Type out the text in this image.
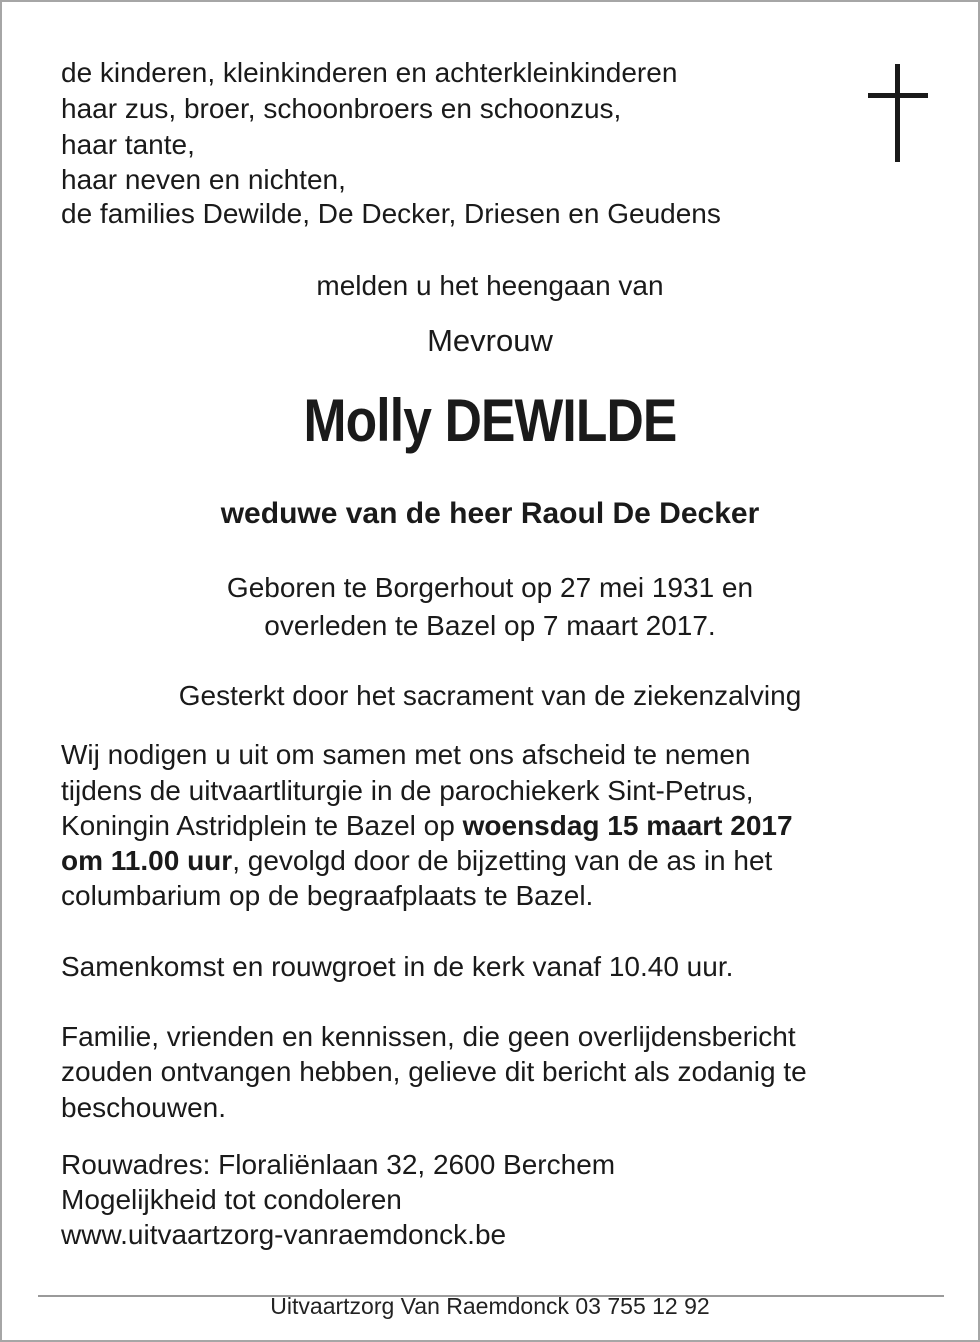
de kinderen, kleinkinderen en achterkleinkinderen
haar zus, broer, schoonbroers en schoonzus,
haar tante,
haar neven en nichten,
de families Dewilde, De Decker, Driesen en Geudens
melden u het heengaan van
Mevrouw
Molly DEWILDE
weduwe van de heer Raoul De Decker
Geboren te Borgerhout op 27 mei 1931 en
overleden te Bazel op 7 maart 2017.
Gesterkt door het sacrament van de ziekenzalving
Wij nodigen u uit om samen met ons afscheid te nemen
tijdens de uitvaartliturgie in de parochiekerk Sint-Petrus,
Koningin Astridplein te Bazel op woensdag 15 maart 2017
om 11.00 uur, gevolgd door de bijzetting van de as in het
columbarium op de begraafplaats te Bazel.
Samenkomst en rouwgroet in de kerk vanaf 10.40 uur.
Familie, vrienden en kennissen, die geen overlijdensbericht
zouden ontvangen hebben, gelieve dit bericht als zodanig te
beschouwen.
Rouwadres: Floraliënlaan 32, 2600 Berchem
Mogelijkheid tot condoleren
www.uitvaartzorg-vanraemdonck.be
Uitvaartzorg Van Raemdonck 03 755 12 92
